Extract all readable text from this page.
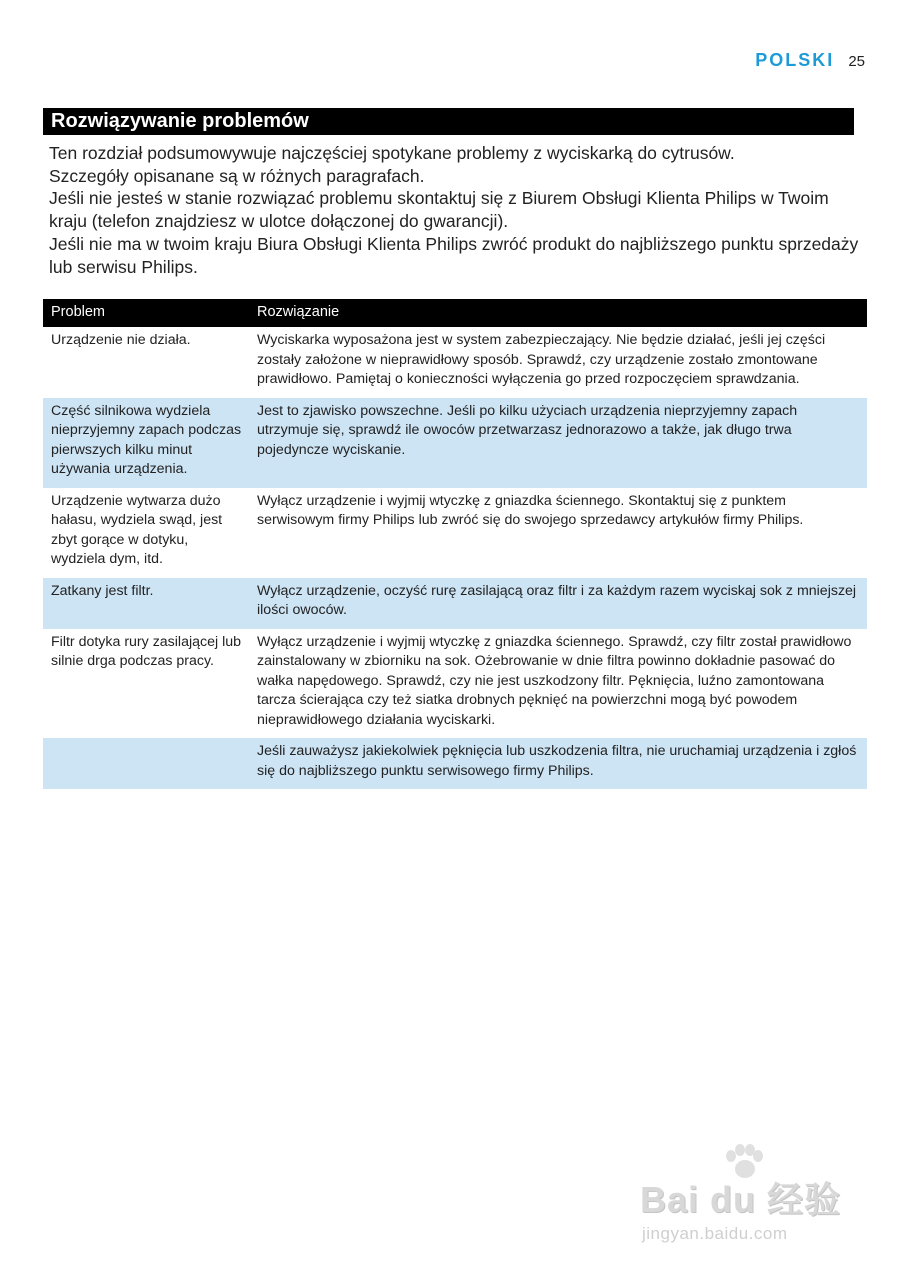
POLSKI 25
Rozwiązywanie problemów

Ten rozdział podsumowywuje najczęściej spotykane problemy z wyciskarką do cytrusów.

Szczegóły opisanane są w różnych paragrafach.

Jeśli nie jesteś w stanie rozwiązać problemu skontaktuj się z Biurem Obsługi Klienta Philips w Twoim kraju (telefon znajdziesz w ulotce dołączonej do gwarancji).

Jeśli nie ma w twoim kraju Biura Obsługi Klienta Philips zwróć produkt do najbliższego punktu sprzedaży lub serwisu Philips.

Problem	Rozwiązanie
Urządzenie nie działa.	Wyciskarka wyposażona jest w system zabezpieczający. Nie będzie działać, jeśli jej części zostały założone w nieprawidłowy sposób. Sprawdź, czy urządzenie zostało zmontowane prawidłowo. Pamiętaj o konieczności wyłączenia go przed rozpoczęciem sprawdzania.
Część silnikowa wydziela nieprzyjemny zapach podczas pierwszych kilku minut używania urządzenia.	Jest to zjawisko powszechne. Jeśli po kilku użyciach urządzenia nieprzyjemny zapach utrzymuje się, sprawdź ile owoców przetwarzasz jednorazowo a także, jak długo trwa pojedyncze wyciskanie.
Urządzenie wytwarza dużo hałasu, wydziela swąd, jest zbyt gorące w dotyku, wydziela dym, itd.	Wyłącz urządzenie i wyjmij wtyczkę z gniazdka ściennego. Skontaktuj się z punktem serwisowym firmy Philips lub zwróć się do swojego sprzedawcy artykułów firmy Philips.
Zatkany jest filtr.	Wyłącz urządzenie, oczyść rurę zasilającą oraz filtr i za każdym razem wyciskaj sok z mniejszej ilości owoców.
Filtr dotyka rury zasilającej lub silnie drga podczas pracy.	Wyłącz urządzenie i wyjmij wtyczkę z gniazdka ściennego. Sprawdź, czy filtr został prawidłowo zainstalowany w zbiorniku na sok. Ożebrowanie w dnie filtra powinno dokładnie pasować do wałka napędowego. Sprawdź, czy nie jest uszkodzony filtr. Pęknięcia, luźno zamontowana tarcza ścierająca czy też siatka drobnych pęknięć na powierzchni mogą być powodem nieprawidłowego działania wyciskarki.
	Jeśli zauważysz jakiekolwiek pęknięcia lub uszkodzenia filtra, nie uruchamiaj urządzenia i zgłoś się do najbliższego punktu serwisowego firmy Philips.
Bai du 经验
jingyan.baidu.com
